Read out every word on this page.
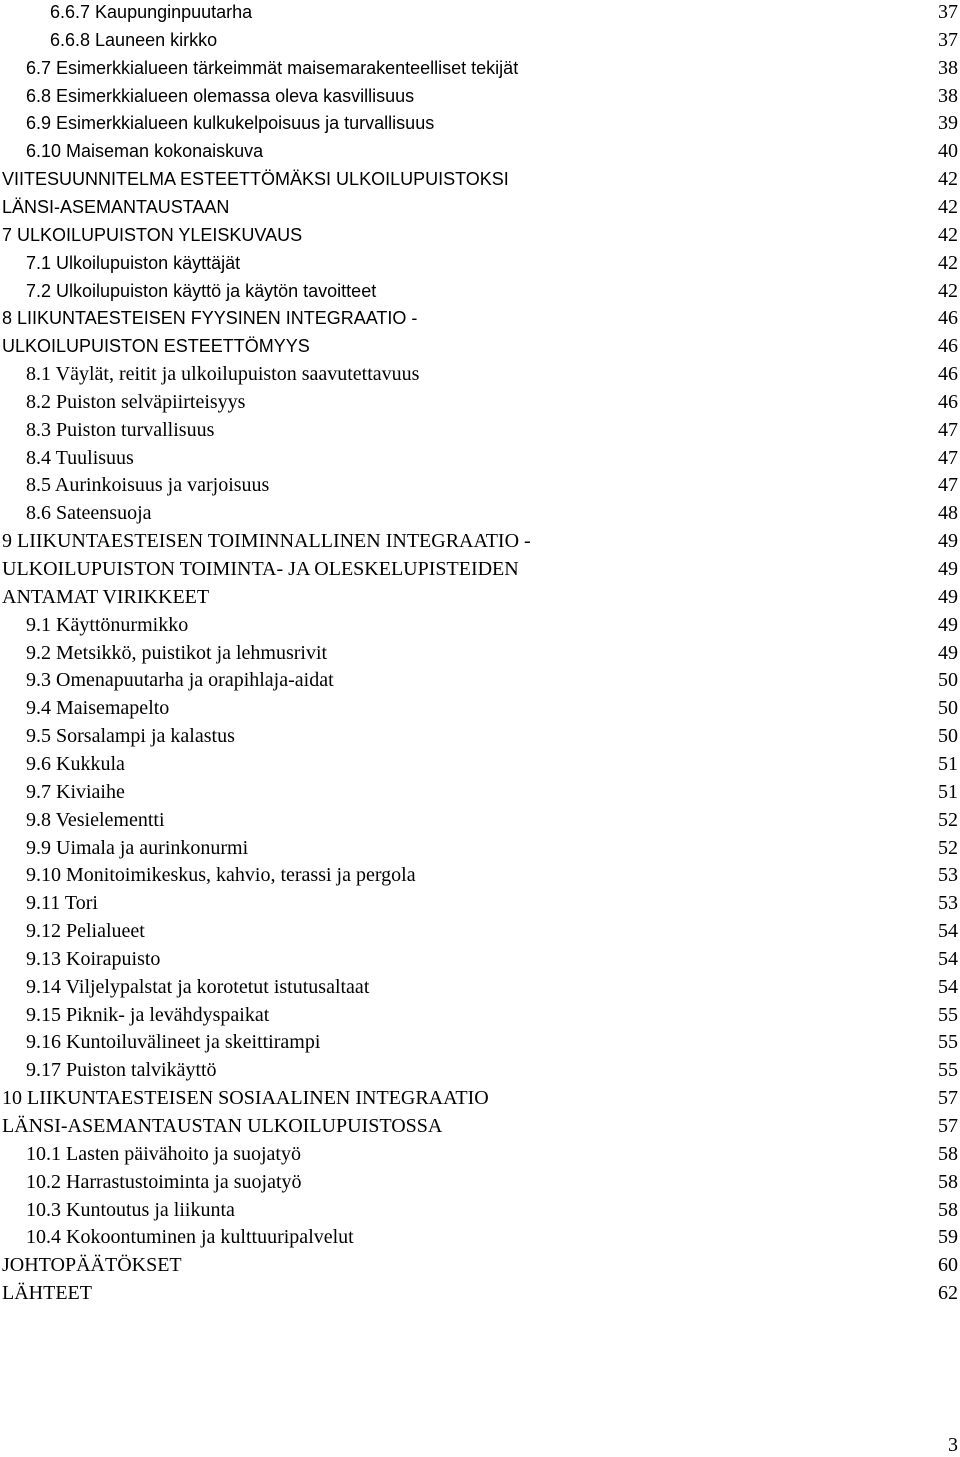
6.6.7 Kaupunginpuutarha	37
6.6.8 Launeen kirkko	37
6.7 Esimerkkialueen tärkeimmät maisemarakenteelliset tekijät	38
6.8 Esimerkkialueen olemassa oleva kasvillisuus	38
6.9 Esimerkkialueen kulkukelpoisuus ja turvallisuus	39
6.10 Maiseman kokonaiskuva	40
VIITESUUNNITELMA ESTEETTÖMÄKSI ULKOILUPUISTOKSI	42
LÄNSI-ASEMANTAUSTAAN	42
7 ULKOILUPUISTON YLEISKUVAUS	42
7.1 Ulkoilupuiston käyttäjät	42
7.2 Ulkoilupuiston käyttö ja käytön tavoitteet	42
8 LIIKUNTAESTEISEN FYYSINEN INTEGRAATIO -	46
ULKOILUPUISTON ESTEETTÖMYYS	46
8.1 Väylät, reitit ja ulkoilupuiston saavutettavuus	46
8.2 Puiston selväpiirteisyys	46
8.3 Puiston turvallisuus	47
8.4 Tuulisuus	47
8.5 Aurinkoisuus ja varjoisuus	47
8.6 Sateensuoja	48
9 LIIKUNTAESTEISEN TOIMINNALLINEN INTEGRAATIO -	49
ULKOILUPUISTON TOIMINTA- JA OLESKELUPISTEIDEN	49
ANTAMAT VIRIKKEET	49
9.1 Käyttönurmikko	49
9.2 Metsikkö, puistikot ja lehmusrivit	49
9.3 Omenapuutarha ja orapihlaja-aidat	50
9.4 Maisemapelto	50
9.5 Sorsalampi ja kalastus	50
9.6 Kukkula	51
9.7 Kiviaihe	51
9.8 Vesielementti	52
9.9 Uimala ja aurinkonurmi	52
9.10 Monitoimikeskus, kahvio, terassi ja pergola	53
9.11 Tori	53
9.12 Pelialueet	54
9.13 Koirapuisto	54
9.14 Viljelypalstat ja korotetut istutusaltaat	54
9.15 Piknik- ja levähdyspaikat	55
9.16 Kuntoiluvälineet ja skeittirampi	55
9.17 Puiston talvikäyttö	55
10 LIIKUNTAESTEISEN SOSIAALINEN INTEGRAATIO	57
LÄNSI-ASEMANTAUSTAN ULKOILUPUISTOSSA	57
10.1 Lasten päivähoito ja suojatyö	58
10.2 Harrastustoiminta ja suojatyö	58
10.3 Kuntoutus ja liikunta	58
10.4 Kokoontuminen ja kulttuuripalvelut	59
JOHTOPÄÄTÖKSET	60
LÄHTEET	62
3
